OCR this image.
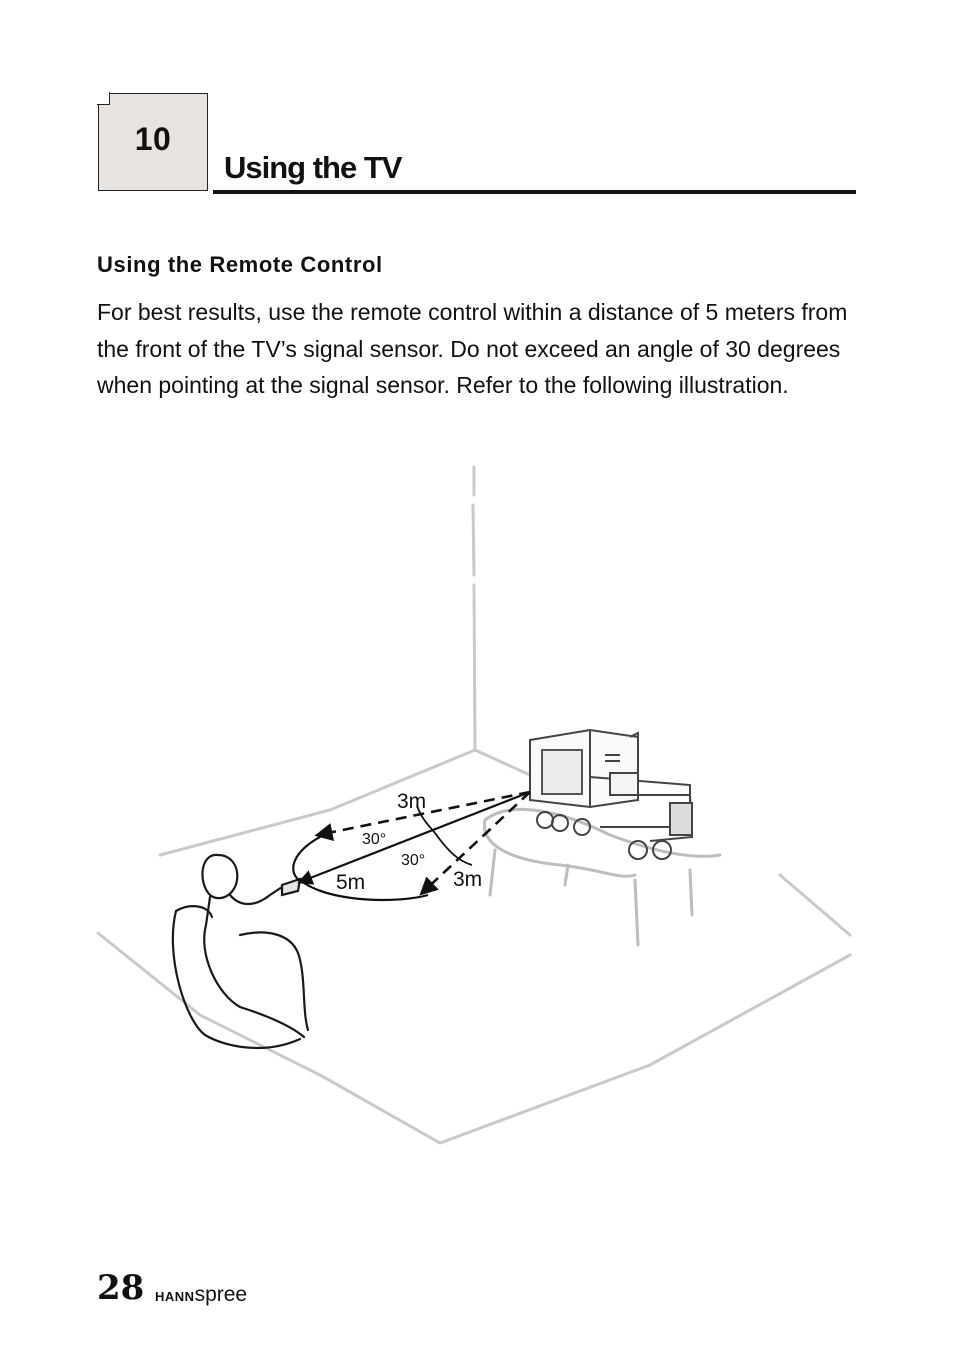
10
Using the TV
Using the Remote Control
For best results, use the remote control within a distance of 5 meters from the front of the TV’s signal sensor. Do not exceed an angle of 30 degrees when pointing at the signal sensor. Refer to the following illustration.
3m
30°
30°
5m	3m
28 HANNspree
